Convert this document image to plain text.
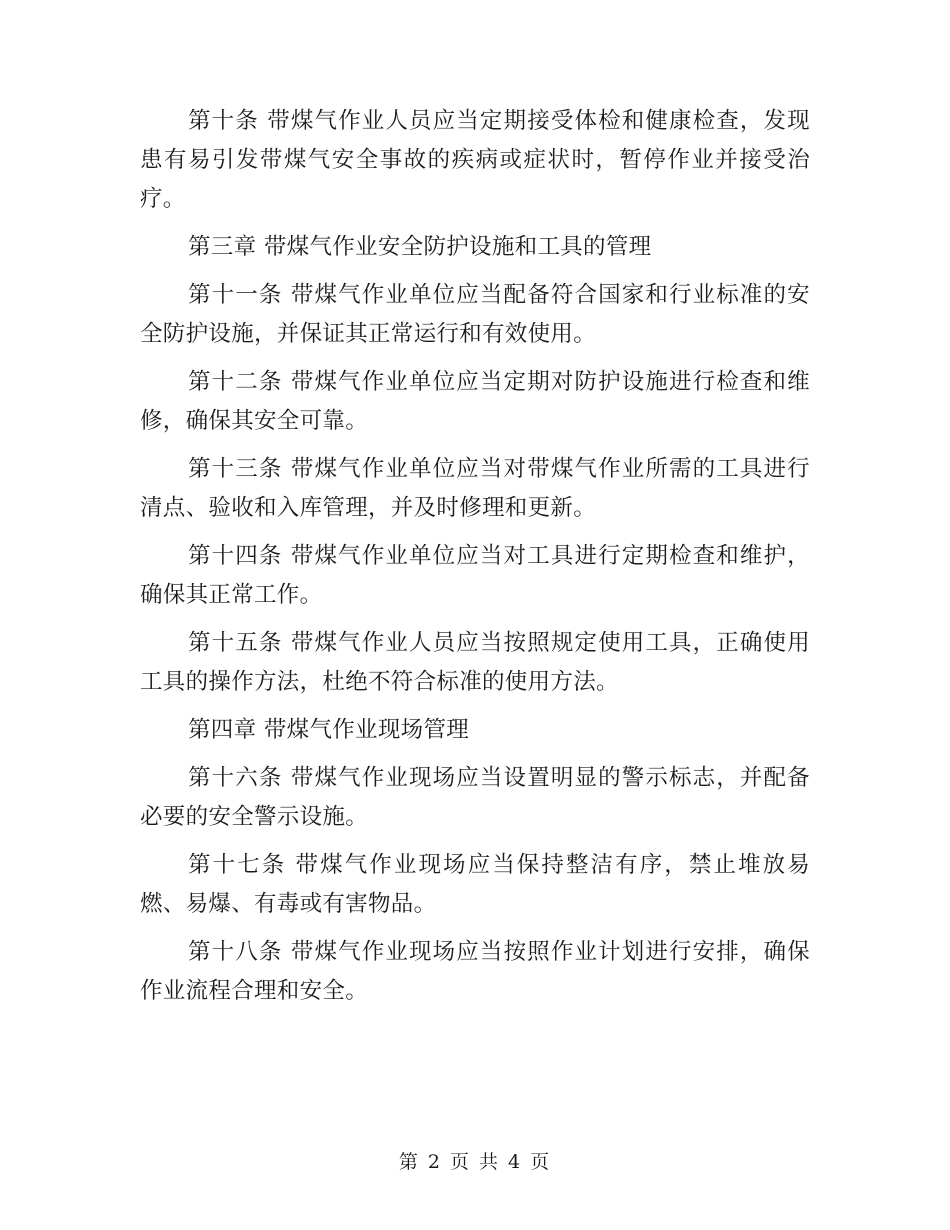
第十条 带煤气作业人员应当定期接受体检和健康检查，发现患有易引发带煤气安全事故的疾病或症状时，暂停作业并接受治疗。

第三章 带煤气作业安全防护设施和工具的管理

第十一条 带煤气作业单位应当配备符合国家和行业标准的安全防护设施，并保证其正常运行和有效使用。

第十二条 带煤气作业单位应当定期对防护设施进行检查和维修，确保其安全可靠。

第十三条 带煤气作业单位应当对带煤气作业所需的工具进行清点、验收和入库管理，并及时修理和更新。

第十四条 带煤气作业单位应当对工具进行定期检查和维护，确保其正常工作。

第十五条 带煤气作业人员应当按照规定使用工具，正确使用工具的操作方法，杜绝不符合标准的使用方法。

第四章 带煤气作业现场管理

第十六条 带煤气作业现场应当设置明显的警示标志，并配备必要的安全警示设施。

第十七条 带煤气作业现场应当保持整洁有序，禁止堆放易燃、易爆、有毒或有害物品。

第十八条 带煤气作业现场应当按照作业计划进行安排，确保作业流程合理和安全。

第 2 页 共 4 页
